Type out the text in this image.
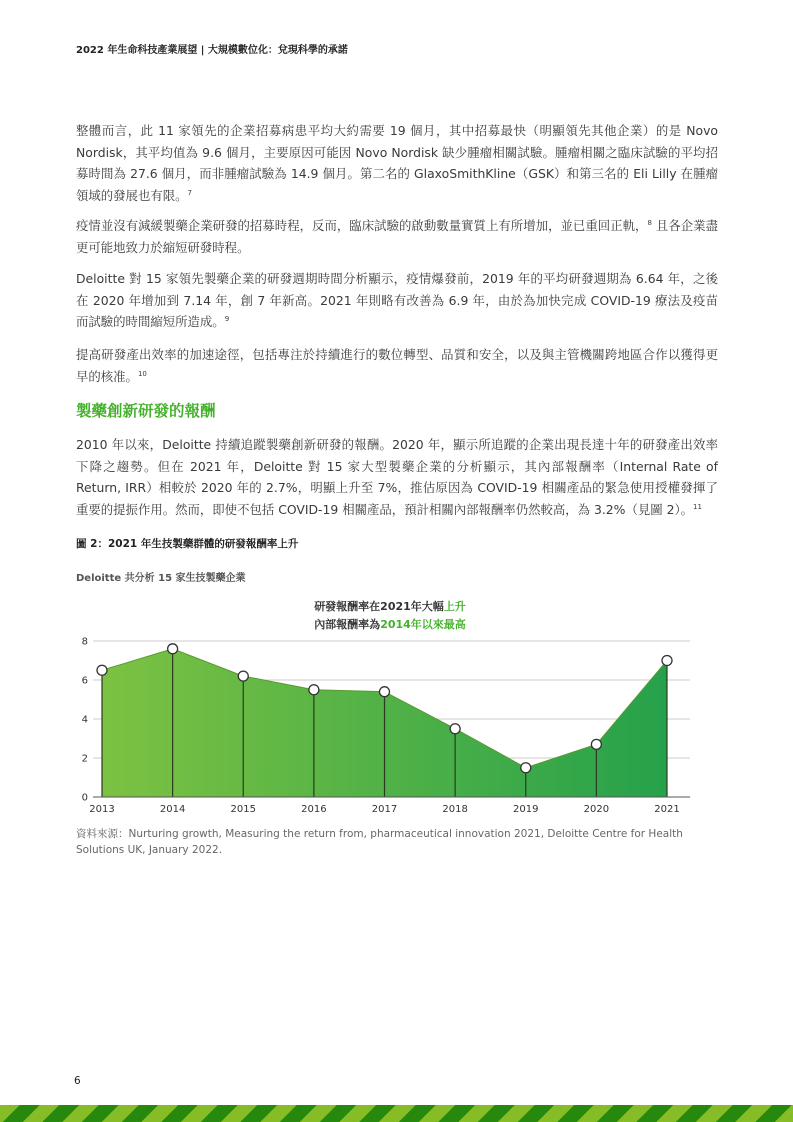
2022 年生命科技產業展望 | 大規模數位化：兌現科學的承諾

整體而言，此 11 家領先的企業招募病患平均大約需要 19 個月，其中招募最快（明顯領先其他企業）的是 Novo Nordisk，其平均值為 9.6 個月，主要原因可能因 Novo Nordisk 缺少腫瘤相關試驗。腫瘤相關之臨床試驗的平均招募時間為 27.6 個月，而非腫瘤試驗為 14.9 個月。第二名的 GlaxoSmithKline（GSK）和第三名的 Eli Lilly 在腫瘤領域的發展也有限。$^7$

疫情並沒有減緩製藥企業研發的招募時程，反而，臨床試驗的啟動數量實質上有所增加，並已重回正軌，$^8$ 且各企業盡更可能地致力於縮短研發時程。

Deloitte 對 15 家領先製藥企業的研發週期時間分析顯示，疫情爆發前，2019 年的平均研發週期為 6.64 年，之後在 2020 年增加到 7.14 年，創 7 年新高。2021 年則略有改善為 6.9 年，由於為加快完成 COVID-19 療法及疫苗而試驗的時間縮短所造成。$^9$

提高研發產出效率的加速途徑，包括專注於持續進行的數位轉型、品質和安全，以及與主管機關跨地區合作以獲得更早的核准。$^{10}$

製藥創新研發的報酬

2010 年以來，Deloitte 持續追蹤製藥創新研發的報酬。2020 年，顯示所追蹤的企業出現長達十年的研發產出效率下降之趨勢。但在 2021 年，Deloitte 對 15 家大型製藥企業的分析顯示，其內部報酬率（Internal Rate of Return, IRR）相較於 2020 年的 2.7%，明顯上升至 7%，推估原因為 COVID-19 相關產品的緊急使用授權發揮了重要的提振作用。然而，即使不包括 COVID-19 相關產品，預計相關內部報酬率仍然較高，為 3.2%（見圖 2）。$^{11}$

圖 2：2021 年生技製藥群體的研發報酬率上升
Deloitte 共分析 15 家生技製藥企業
研發報酬率在2021年大幅上升
內部報酬率為2014年以來最高
0
2
4
6
8
2013	2014	2015	2016	2017	2018	2019	2020	2021
資料來源：Nurturing growth, Measuring the return from, pharmaceutical innovation 2021, Deloitte Centre for Health Solutions UK, January 2022.
6
